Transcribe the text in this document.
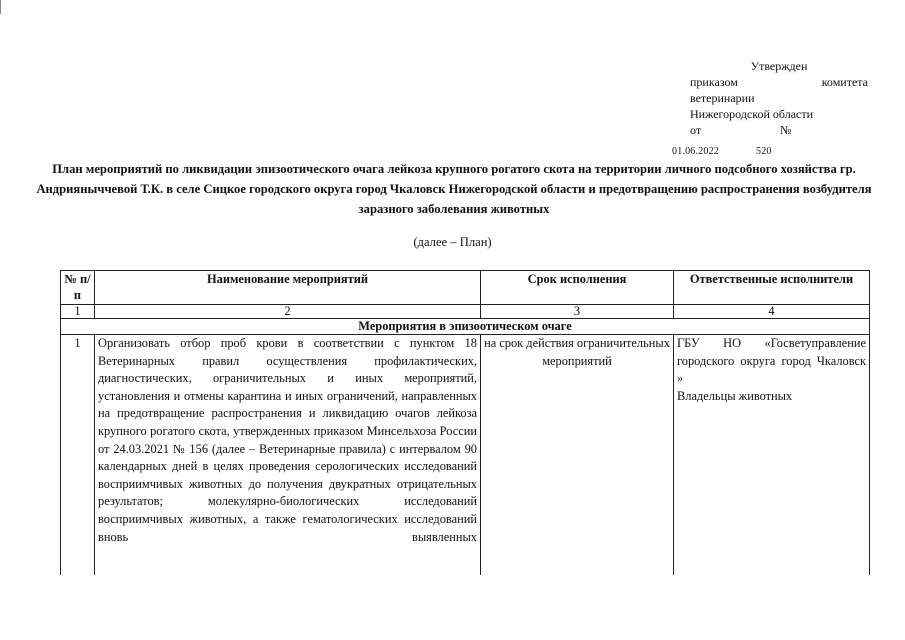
Утвержден
приказом	комитета
ветеринарии
Нижегородской области
от	№
01.06.2022	520
План мероприятий по ликвидации эпизоотического очага лейкоза крупного рогатого скота на территории личного подсобного хозяйства гр. Андрияныччевой Т.К. в селе Сицкое городского округа город Чкаловск Нижегородской области и предотвращению распространения возбудителя заразного заболевания животных
(далее – План)
№ п/п	Наименование мероприятий	Срок исполнения	Ответственные исполнители
1	2	3	4
Мероприятия в эпизоотическом очаге			
1	Организовать отбор проб крови в соответствии с пунктом 18 Ветеринарных правил осуществления профилактических, диагностических, ограничительных и иных мероприятий, установления и отмены карантина и иных ограничений, направленных на предотвращение распространения и ликвидацию очагов лейкоза крупного рогатого скота, утвержденных приказом Минсельхоза России от 24.03.2021 № 156 (далее – Ветеринарные правила) с интервалом 90 календарных дней в целях проведения серологических исследований восприимчивых животных до получения двукратных отрицательных результатов; молекулярно-биологических исследований восприимчивых животных, а также гематологических исследований вновь выявленных	на срок действия ограничительных мероприятий	ГБУ НО «Госветуправление городского округа город Чкаловск »
Владельцы животных
